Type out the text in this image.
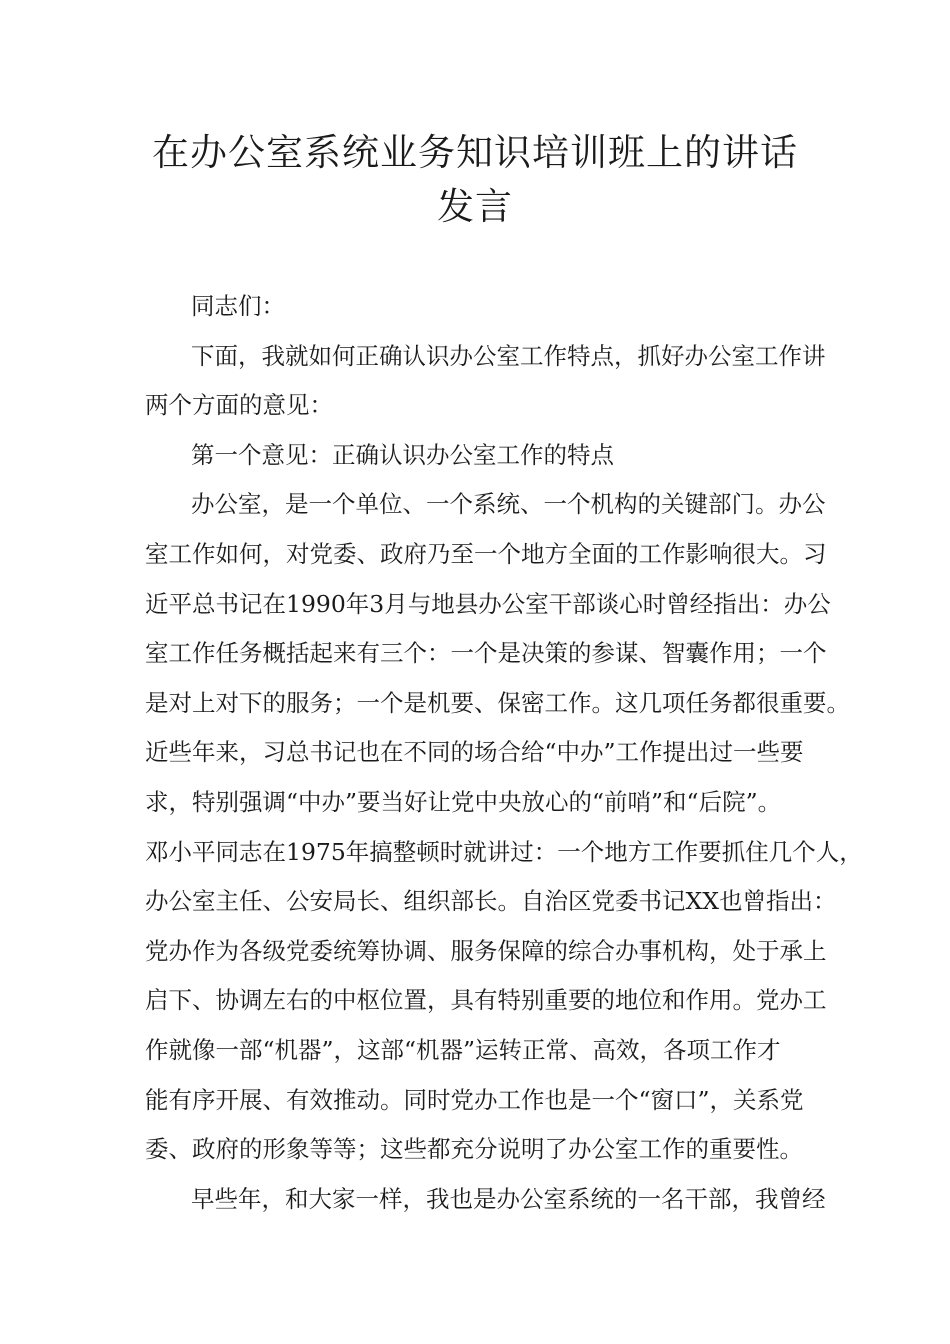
在办公室系统业务知识培训班上的讲话
发言
同志们：
下面，我就如何正确认识办公室工作特点，抓好办公室工作讲
两个方面的意见：
第一个意见：正确认识办公室工作的特点
办公室，是一个单位、一个系统、一个机构的关键部门。办公
室工作如何，对党委、政府乃至一个地方全面的工作影响很大。习
近平总书记在1990年3月与地县办公室干部谈心时曾经指出：办公
室工作任务概括起来有三个：一个是决策的参谋、智囊作用；一个
是对上对下的服务；一个是机要、保密工作。这几项任务都很重要。
近些年来，习总书记也在不同的场合给“中办”工作提出过一些要
求，特别强调“中办”要当好让党中央放心的“前哨”和“后院”。
邓小平同志在1975年搞整顿时就讲过：一个地方工作要抓住几个人，
办公室主任、公安局长、组织部长。自治区党委书记XX也曾指出：
党办作为各级党委统筹协调、服务保障的综合办事机构，处于承上
启下、协调左右的中枢位置，具有特别重要的地位和作用。党办工
作就像一部“机器”，这部“机器”运转正常、高效，各项工作才
能有序开展、有效推动。同时党办工作也是一个“窗口”，关系党
委、政府的形象等等；这些都充分说明了办公室工作的重要性。
早些年，和大家一样，我也是办公室系统的一名干部，我曾经
